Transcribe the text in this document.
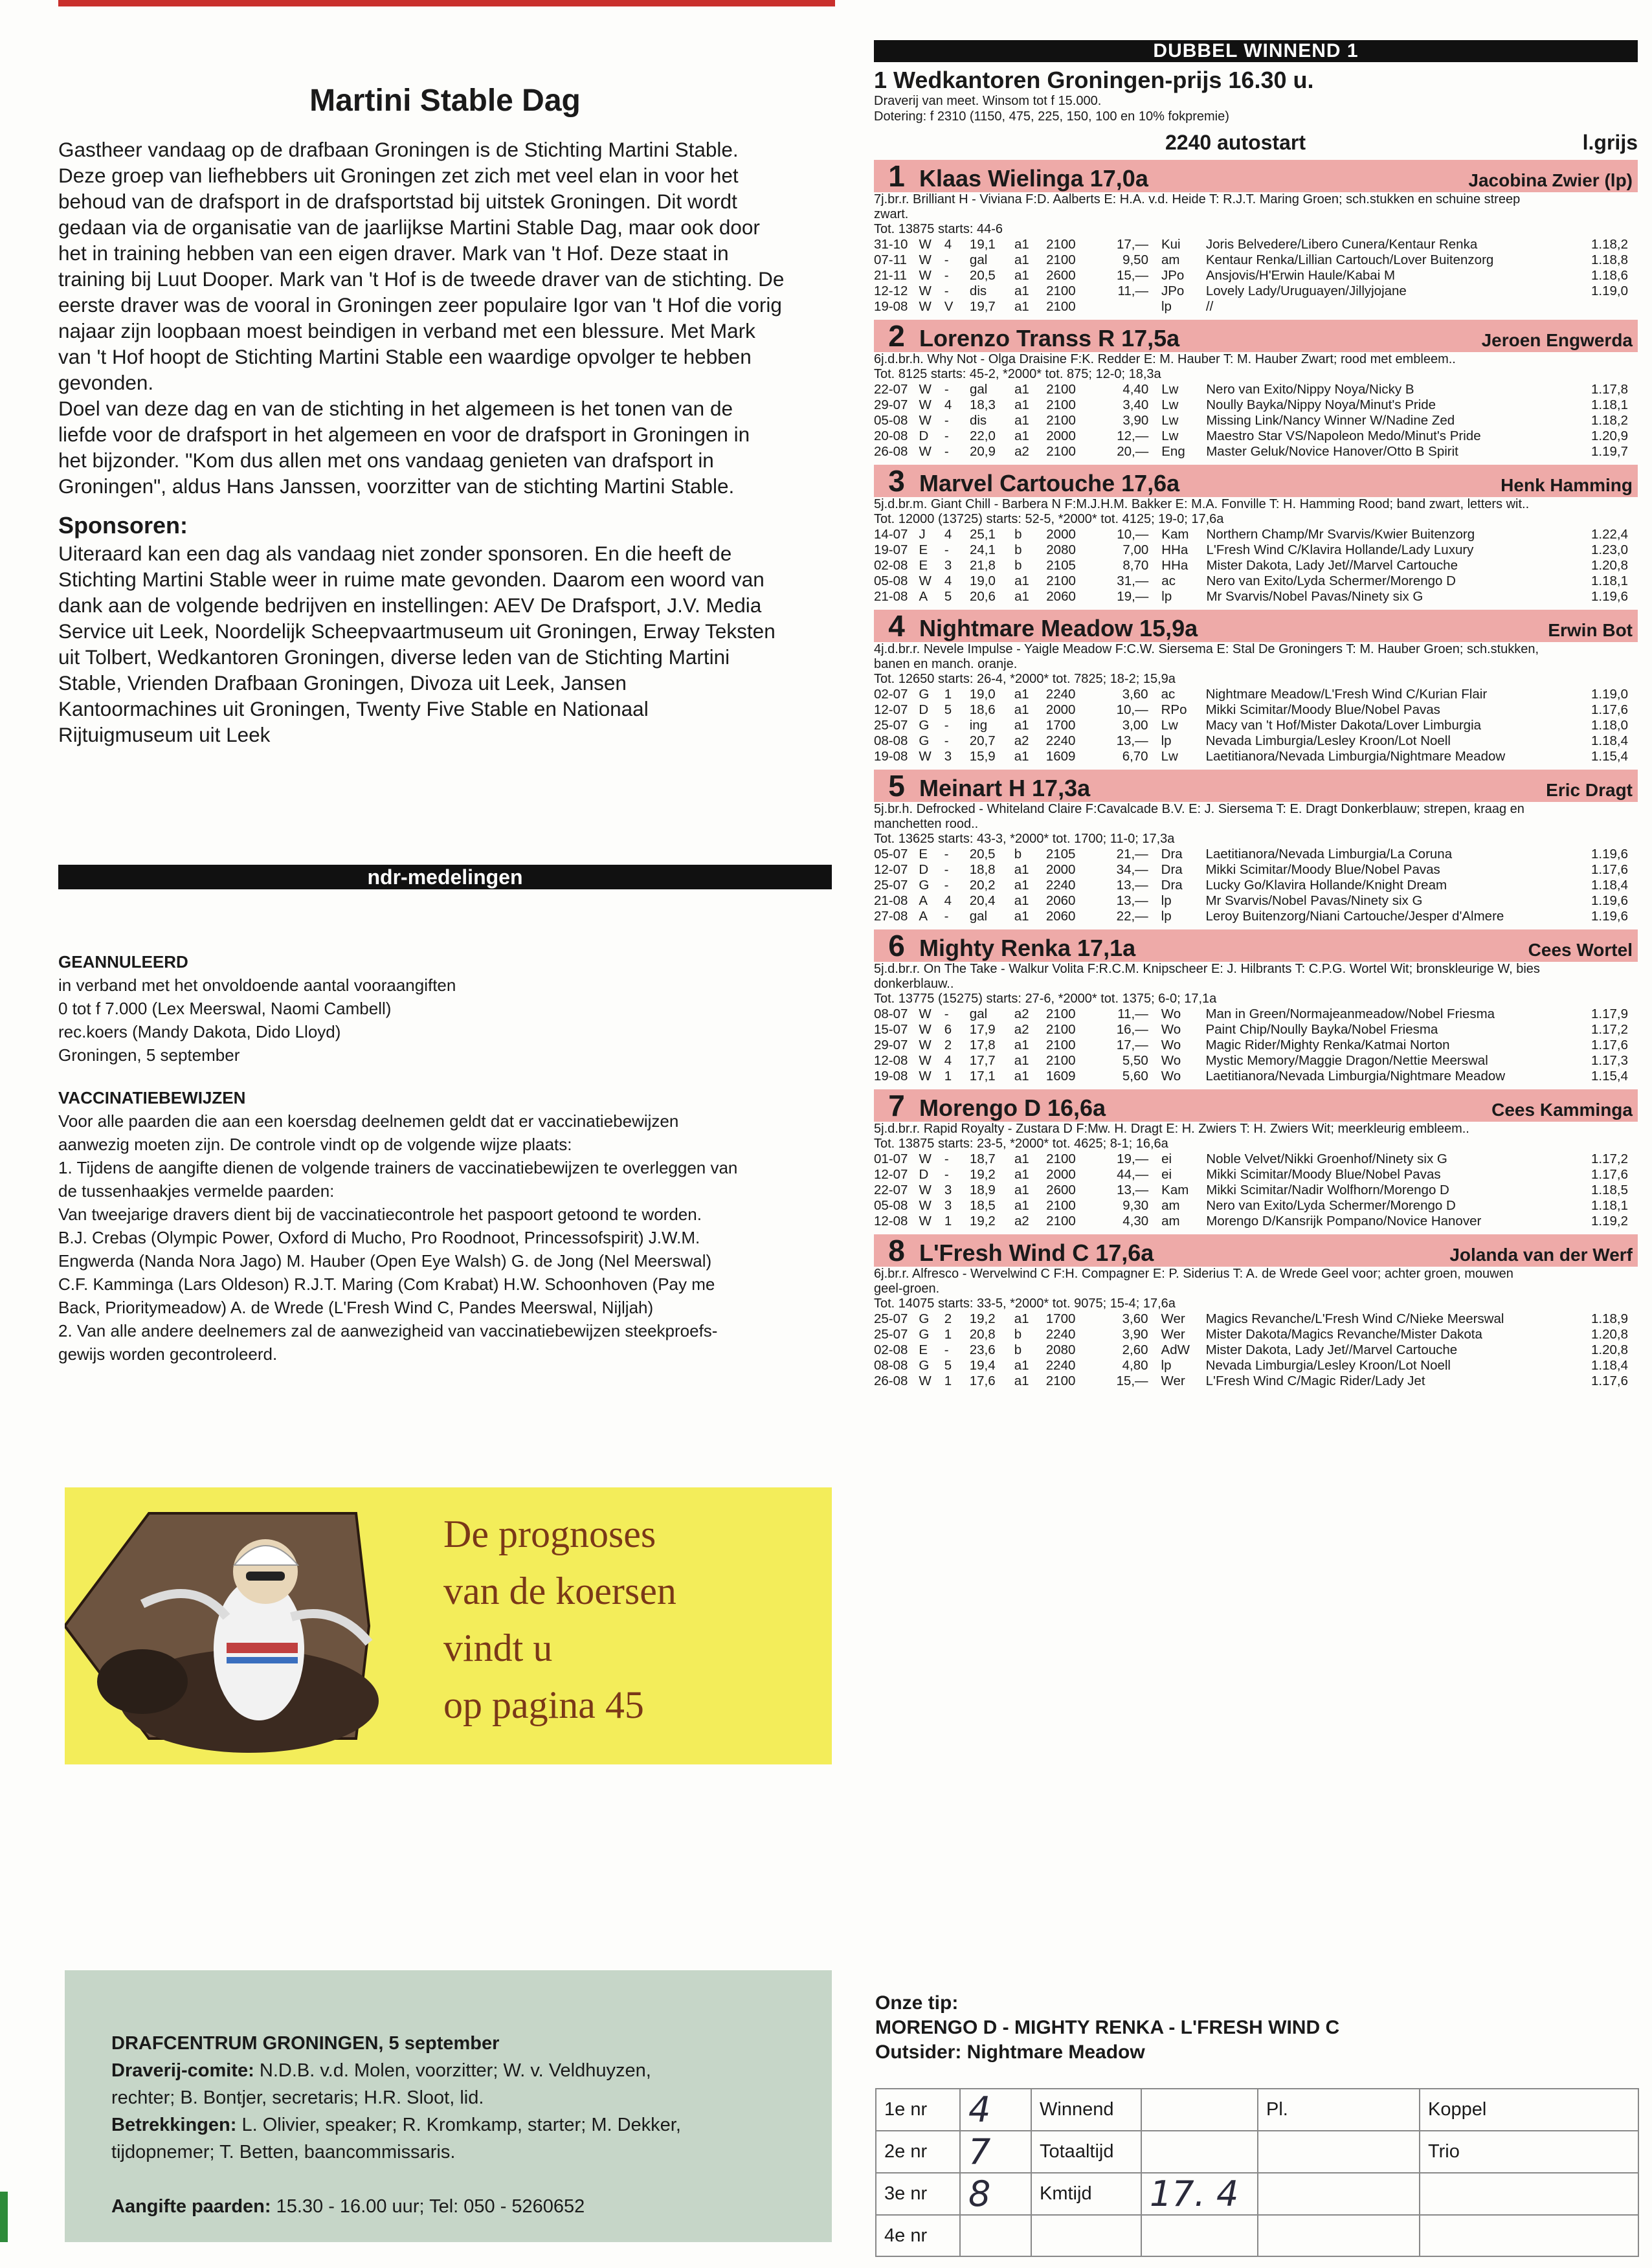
Martini Stable Dag

Gastheer vandaag op de drafbaan Groningen is de Stichting Martini Stable.
Deze groep van liefhebbers uit Groningen zet zich met veel elan in voor het
behoud van de drafsport in de drafsportstad bij uitstek Groningen. Dit wordt
gedaan via de organisatie van de jaarlijkse Martini Stable Dag, maar ook door
het in training hebben van een eigen draver. Mark van 't Hof. Deze staat in
training bij Luut Dooper. Mark van 't Hof is de tweede draver van de stichting. De
eerste draver was de vooral in Groningen zeer populaire Igor van 't Hof die vorig
najaar zijn loopbaan moest beindigen in verband met een blessure. Met Mark
van 't Hof hoopt de Stichting Martini Stable een waardige opvolger te hebben
gevonden.
Doel van deze dag en van de stichting in het algemeen is het tonen van de
liefde voor de drafsport in het algemeen en voor de drafsport in Groningen in
het bijzonder. "Kom dus allen met ons vandaag genieten van drafsport in
Groningen", aldus Hans Janssen, voorzitter van de stichting Martini Stable.

Sponsoren:

Uiteraard kan een dag als vandaag niet zonder sponsoren. En die heeft de
Stichting Martini Stable weer in ruime mate gevonden. Daarom een woord van
dank aan de volgende bedrijven en instellingen: AEV De Drafsport, J.V. Media
Service uit Leek, Noordelijk Scheepvaartmuseum uit Groningen, Erway Teksten
uit Tolbert, Wedkantoren Groningen, diverse leden van de Stichting Martini
Stable, Vrienden Drafbaan Groningen, Divoza uit Leek, Jansen
Kantoormachines uit Groningen, Twenty Five Stable en Nationaal
Rijtuigmuseum uit Leek

ndr-medelingen

GEANNULEERD

in verband met het onvoldoende aantal vooraangiften
0 tot f 7.000 (Lex Meerswal, Naomi Cambell)
rec.koers (Mandy Dakota, Dido Lloyd)
Groningen, 5 september

VACCINATIEBEWIJZEN

Voor alle paarden die aan een koersdag deelnemen geldt dat er vaccinatiebewijzen
aanwezig moeten zijn. De controle vindt op de volgende wijze plaats:
1. Tijdens de aangifte dienen de volgende trainers de vaccinatiebewijzen te overleggen van
de tussenhaakjes vermelde paarden:
Van tweejarige dravers dient bij de vaccinatiecontrole het paspoort getoond te worden.
B.J. Crebas (Olympic Power, Oxford di Mucho, Pro Roodnoot, Princessofspirit) J.W.M.
Engwerda (Nanda Nora Jago) M. Hauber (Open Eye Walsh) G. de Jong (Nel Meerswal)
C.F. Kamminga (Lars Oldeson) R.J.T. Maring (Com Krabat) H.W. Schoonhoven (Pay me
Back, Prioritymeadow) A. de Wrede (L'Fresh Wind C, Pandes Meerswal, Nijljah)
2. Van alle andere deelnemers zal de aanwezigheid van vaccinatiebewijzen steekproefs-
gewijs worden gecontroleerd.
De prognoses
van de koersen
vindt u
op pagina 45

DRAFCENTRUM GRONINGEN, 5 september

Draverij-comite: N.D.B. v.d. Molen, voorzitter; W. v. Veldhuyzen,
rechter; B. Bontjer, secretaris; H.R. Sloot, lid.

Betrekkingen: L. Olivier, speaker; R. Kromkamp, starter; M. Dekker,
tijdopnemer; T. Betten, baancommissaris.

Aangifte paarden: 15.30 - 16.00 uur; Tel: 050 - 5260652

DUBBEL WINNEND 1
1 Wedkantoren Groningen-prijs 16.30 u.
Draverij van meet. Winsom tot f 15.000.
Dotering: f 2310 (1150, 475, 225, 150, 100 en 10% fokpremie)
2240 autostart	l.grijs
1 Klaas Wielinga 17,0a	Jacobina Zwier (lp)
7j.br.r. Brilliant H - Viviana F:D. Aalberts E: H.A. v.d. Heide T: R.J.T. Maring Groen; sch.stukken en schuine streep
zwart.
Tot. 13875 starts: 44-6
31-10	W	4	19,1	a1	2100	17,—	Kui	Joris Belvedere/Libero Cunera/Kentaur Renka	1.18,2
07-11	W	-	gal	a1	2100	9,50	am	Kentaur Renka/Lillian Cartouch/Lover Buitenzorg	1.18,8
21-11	W	-	20,5	a1	2600	15,—	JPo	Ansjovis/H'Erwin Haule/Kabai M	1.18,6
12-12	W	-	dis	a1	2100	11,—	JPo	Lovely Lady/Uruguayen/Jillyjojane	1.19,0
19-08	W	V	19,7	a1	2100		lp	//	
2 Lorenzo Transs R 17,5a	Jeroen Engwerda
6j.d.br.h. Why Not - Olga Draisine F:K. Redder E: M. Hauber T: M. Hauber Zwart; rood met embleem..
Tot. 8125 starts: 45-2, *2000* tot. 875; 12-0; 18,3a
22-07	W	-	gal	a1	2100	4,40	Lw	Nero van Exito/Nippy Noya/Nicky B	1.17,8
29-07	W	4	18,3	a1	2100	3,40	Lw	Noully Bayka/Nippy Noya/Minut's Pride	1.18,1
05-08	W	-	dis	a1	2100	3,90	Lw	Missing Link/Nancy Winner W/Nadine Zed	1.18,2
20-08	D	-	22,0	a1	2000	12,—	Lw	Maestro Star VS/Napoleon Medo/Minut's Pride	1.20,9
26-08	W	-	20,9	a2	2100	20,—	Eng	Master Geluk/Novice Hanover/Otto B Spirit	1.19,7
3 Marvel Cartouche 17,6a	Henk Hamming
5j.d.br.m. Giant Chill - Barbera N F:M.J.H.M. Bakker E: M.A. Fonville T: H. Hamming Rood; band zwart, letters wit..
Tot. 12000 (13725) starts: 52-5, *2000* tot. 4125; 19-0; 17,6a
14-07	J	4	25,1	b	2000	10,—	Kam	Northern Champ/Mr Svarvis/Kwier Buitenzorg	1.22,4
19-07	E	-	24,1	b	2080	7,00	HHa	L'Fresh Wind C/Klavira Hollande/Lady Luxury	1.23,0
02-08	E	3	21,8	b	2105	8,70	HHa	Mister Dakota, Lady Jet//Marvel Cartouche	1.20,8
05-08	W	4	19,0	a1	2100	31,—	ac	Nero van Exito/Lyda Schermer/Morengo D	1.18,1
21-08	A	5	20,6	a1	2060	19,—	lp	Mr Svarvis/Nobel Pavas/Ninety six G	1.19,6
4 Nightmare Meadow 15,9a	Erwin Bot
4j.d.br.r. Nevele Impulse - Yaigle Meadow F:C.W. Siersema E: Stal De Groningers T: M. Hauber Groen; sch.stukken,
banen en manch. oranje.
Tot. 12650 starts: 26-4, *2000* tot. 7825; 18-2; 15,9a
02-07	G	1	19,0	a1	2240	3,60	ac	Nightmare Meadow/L'Fresh Wind C/Kurian Flair	1.19,0
12-07	D	5	18,6	a1	2000	10,—	RPo	Mikki Scimitar/Moody Blue/Nobel Pavas	1.17,6
25-07	G	-	ing	a1	1700	3,00	Lw	Macy van 't Hof/Mister Dakota/Lover Limburgia	1.18,0
08-08	G	-	20,7	a2	2240	13,—	lp	Nevada Limburgia/Lesley Kroon/Lot Noell	1.18,4
19-08	W	3	15,9	a1	1609	6,70	Lw	Laetitianora/Nevada Limburgia/Nightmare Meadow	1.15,4
5 Meinart H 17,3a	Eric Dragt
5j.br.h. Defrocked - Whiteland Claire F:Cavalcade B.V. E: J. Siersema T: E. Dragt Donkerblauw; strepen, kraag en
manchetten rood..
Tot. 13625 starts: 43-3, *2000* tot. 1700; 11-0; 17,3a
05-07	E	-	20,5	b	2105	21,—	Dra	Laetitianora/Nevada Limburgia/La Coruna	1.19,6
12-07	D	-	18,8	a1	2000	34,—	Dra	Mikki Scimitar/Moody Blue/Nobel Pavas	1.17,6
25-07	G	-	20,2	a1	2240	13,—	Dra	Lucky Go/Klavira Hollande/Knight Dream	1.18,4
21-08	A	4	20,4	a1	2060	13,—	lp	Mr Svarvis/Nobel Pavas/Ninety six G	1.19,6
27-08	A	-	gal	a1	2060	22,—	lp	Leroy Buitenzorg/Niani Cartouche/Jesper d'Almere	1.19,6
6 Mighty Renka 17,1a	Cees Wortel
5j.d.br.r. On The Take - Walkur Volita F:R.C.M. Knipscheer E: J. Hilbrants T: C.P.G. Wortel Wit; bronskleurige W, bies
donkerblauw..
Tot. 13775 (15275) starts: 27-6, *2000* tot. 1375; 6-0; 17,1a
08-07	W	-	gal	a2	2100	11,—	Wo	Man in Green/Normajeanmeadow/Nobel Friesma	1.17,9
15-07	W	6	17,9	a2	2100	16,—	Wo	Paint Chip/Noully Bayka/Nobel Friesma	1.17,2
29-07	W	2	17,8	a1	2100	17,—	Wo	Magic Rider/Mighty Renka/Katmai Norton	1.17,6
12-08	W	4	17,7	a1	2100	5,50	Wo	Mystic Memory/Maggie Dragon/Nettie Meerswal	1.17,3
19-08	W	1	17,1	a1	1609	5,60	Wo	Laetitianora/Nevada Limburgia/Nightmare Meadow	1.15,4
7 Morengo D 16,6a	Cees Kamminga
5j.d.br.r. Rapid Royalty - Zustara D F:Mw. H. Dragt E: H. Zwiers T: H. Zwiers Wit; meerkleurig embleem..
Tot. 13875 starts: 23-5, *2000* tot. 4625; 8-1; 16,6a
01-07	W	-	18,7	a1	2100	19,—	ei	Noble Velvet/Nikki Groenhof/Ninety six G	1.17,2
12-07	D	-	19,2	a1	2000	44,—	ei	Mikki Scimitar/Moody Blue/Nobel Pavas	1.17,6
22-07	W	3	18,9	a1	2600	13,—	Kam	Mikki Scimitar/Nadir Wolfhorn/Morengo D	1.18,5
05-08	W	3	18,5	a1	2100	9,30	am	Nero van Exito/Lyda Schermer/Morengo D	1.18,1
12-08	W	1	19,2	a2	2100	4,30	am	Morengo D/Kansrijk Pompano/Novice Hanover	1.19,2
8 L'Fresh Wind C 17,6a	Jolanda van der Werf
6j.br.r. Alfresco - Wervelwind C F:H. Compagner E: P. Siderius T: A. de Wrede Geel voor; achter groen, mouwen
geel-groen.
Tot. 14075 starts: 33-5, *2000* tot. 9075; 15-4; 17,6a
25-07	G	2	19,2	a1	1700	3,60	Wer	Magics Revanche/L'Fresh Wind C/Nieke Meerswal	1.18,9
25-07	G	1	20,8	b	2240	3,90	Wer	Mister Dakota/Magics Revanche/Mister Dakota	1.20,8
02-08	E	-	23,6	b	2080	2,60	AdW	Mister Dakota, Lady Jet//Marvel Cartouche	1.20,8
08-08	G	5	19,4	a1	2240	4,80	lp	Nevada Limburgia/Lesley Kroon/Lot Noell	1.18,4
26-08	W	1	17,6	a1	2100	15,—	Wer	L'Fresh Wind C/Magic Rider/Lady Jet	1.17,6

Onze tip:

MORENGO D - MIGHTY RENKA - L'FRESH WIND C

Outsider: Nightmare Meadow

1e nr	4	Winnend		Pl.	Koppel
2e nr	7	Totaaltijd			Trio
3e nr	8	Kmtijd	17. 4		
4e nr					
